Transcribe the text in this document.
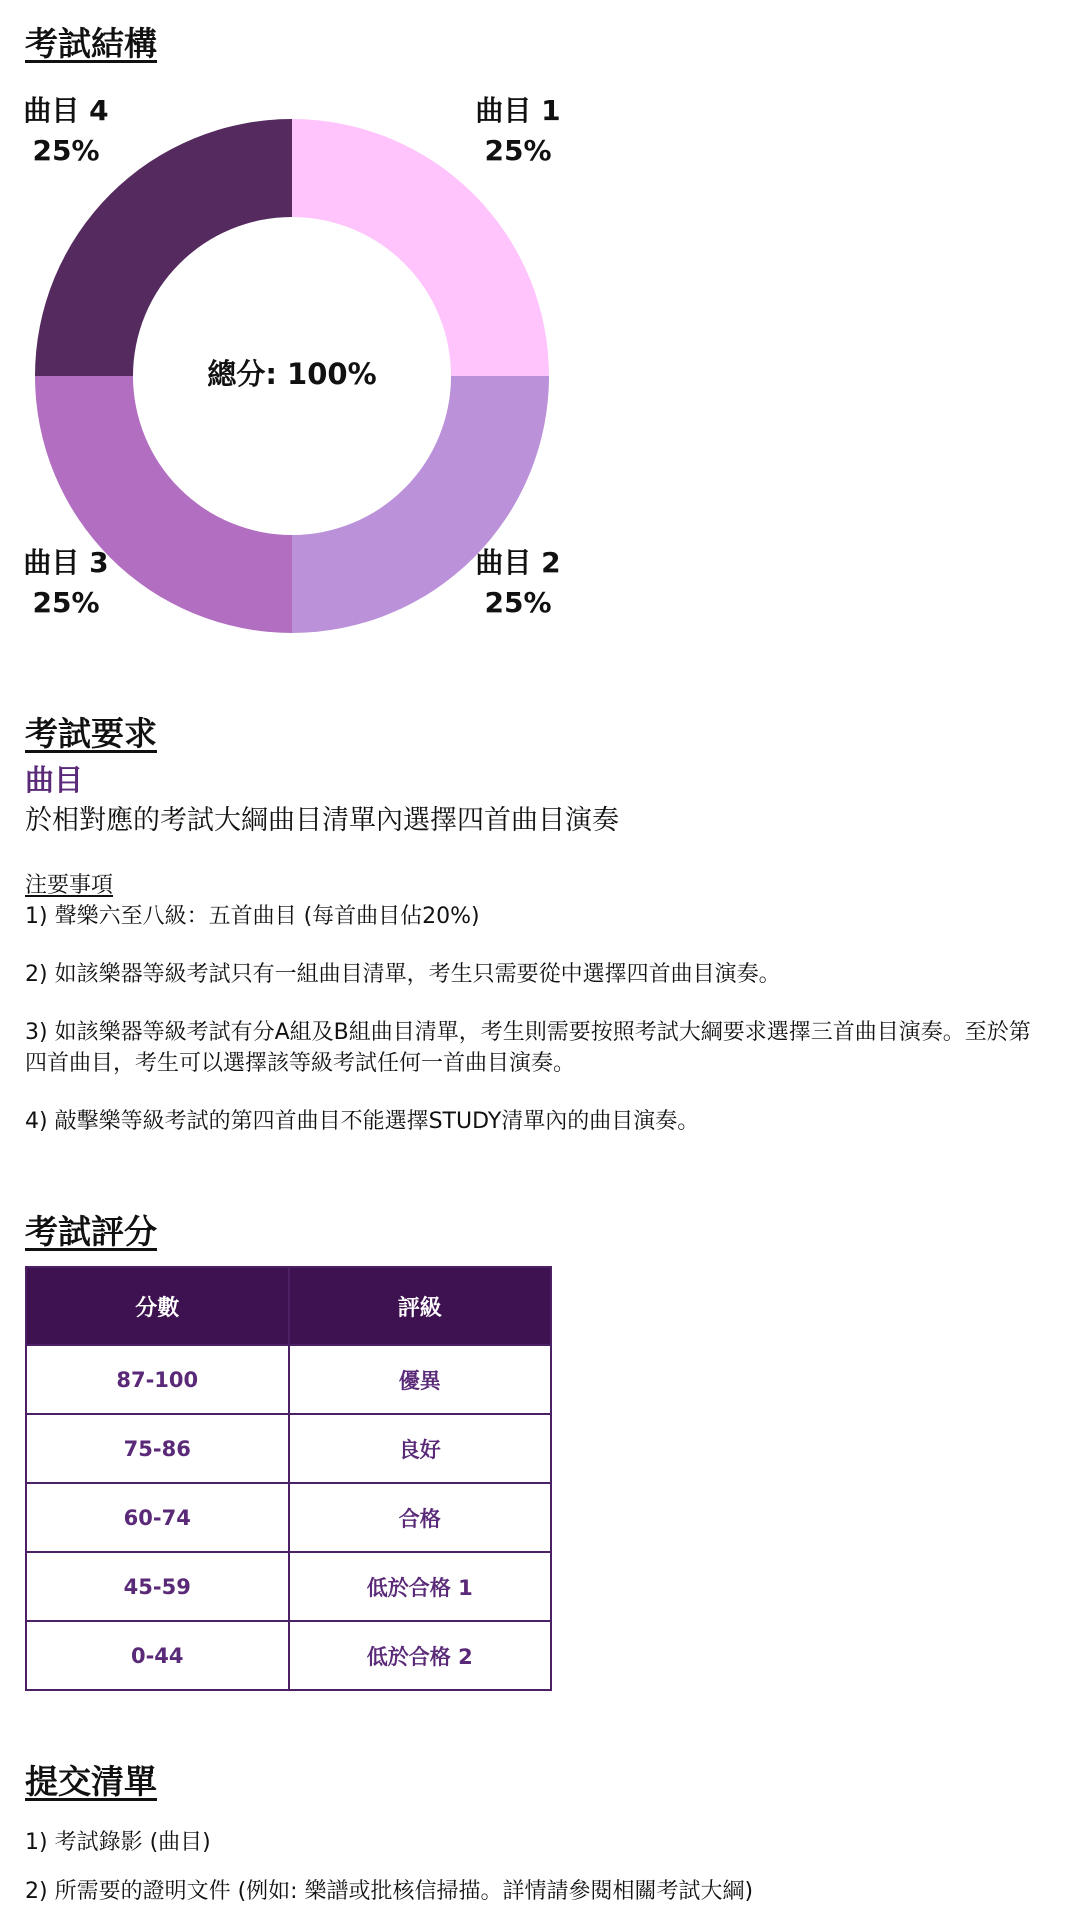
考試結構
總分: 100%
曲目 1
25%
曲目 2
25%
曲目 3
25%
曲目 4
25%
考試要求
曲目
於相對應的考試大綱曲目清單內選擇四首曲目演奏
注要事項
1) 聲樂六至八級：五首曲目 (每首曲目佔20%)
2) 如該樂器等級考試只有一組曲目清單，考生只需要從中選擇四首曲目演奏。
3) 如該樂器等級考試有分A組及B組曲目清單，考生則需要按照考試大綱要求選擇三首曲目演奏。至於第四首曲目，考生可以選擇該等級考試任何一首曲目演奏。
4) 敲擊樂等級考試的第四首曲目不能選擇STUDY清單內的曲目演奏。
考試評分
分數	評級
87-100	優異
75-86	良好
60-74	合格
45-59	低於合格 1
0-44	低於合格 2
提交清單
1) 考試錄影 (曲目)
2) 所需要的證明文件 (例如: 樂譜或批核信掃描。詳情請參閱相關考試大綱)
